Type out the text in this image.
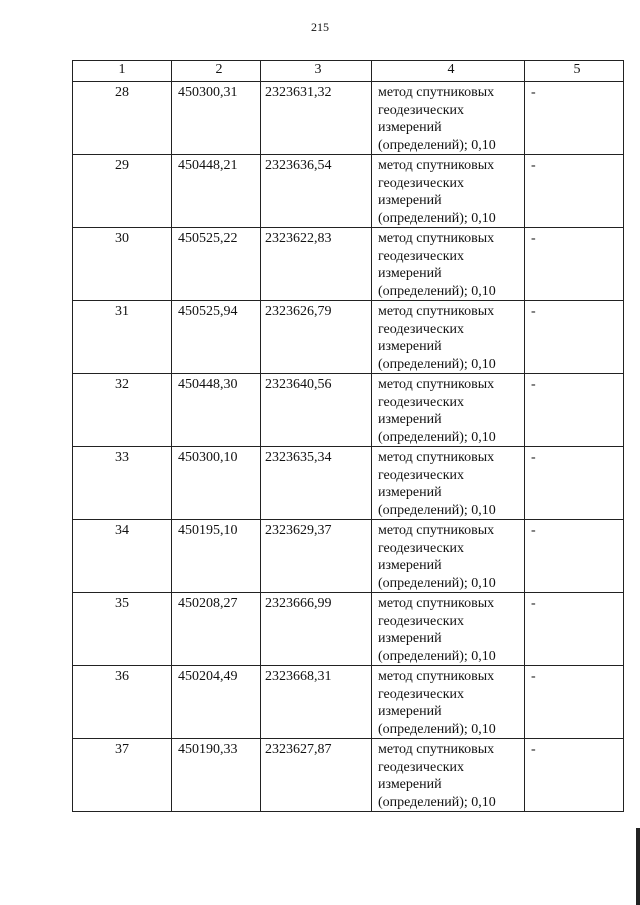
215
1	2	3	4	5
28	450300,31	2323631,32	метод спутниковых
геодезических
измерений
(определений); 0,10	-
29	450448,21	2323636,54	метод спутниковых
геодезических
измерений
(определений); 0,10	-
30	450525,22	2323622,83	метод спутниковых
геодезических
измерений
(определений); 0,10	-
31	450525,94	2323626,79	метод спутниковых
геодезических
измерений
(определений); 0,10	-
32	450448,30	2323640,56	метод спутниковых
геодезических
измерений
(определений); 0,10	-
33	450300,10	2323635,34	метод спутниковых
геодезических
измерений
(определений); 0,10	-
34	450195,10	2323629,37	метод спутниковых
геодезических
измерений
(определений); 0,10	-
35	450208,27	2323666,99	метод спутниковых
геодезических
измерений
(определений); 0,10	-
36	450204,49	2323668,31	метод спутниковых
геодезических
измерений
(определений); 0,10	-
37	450190,33	2323627,87	метод спутниковых
геодезических
измерений
(определений); 0,10	-
